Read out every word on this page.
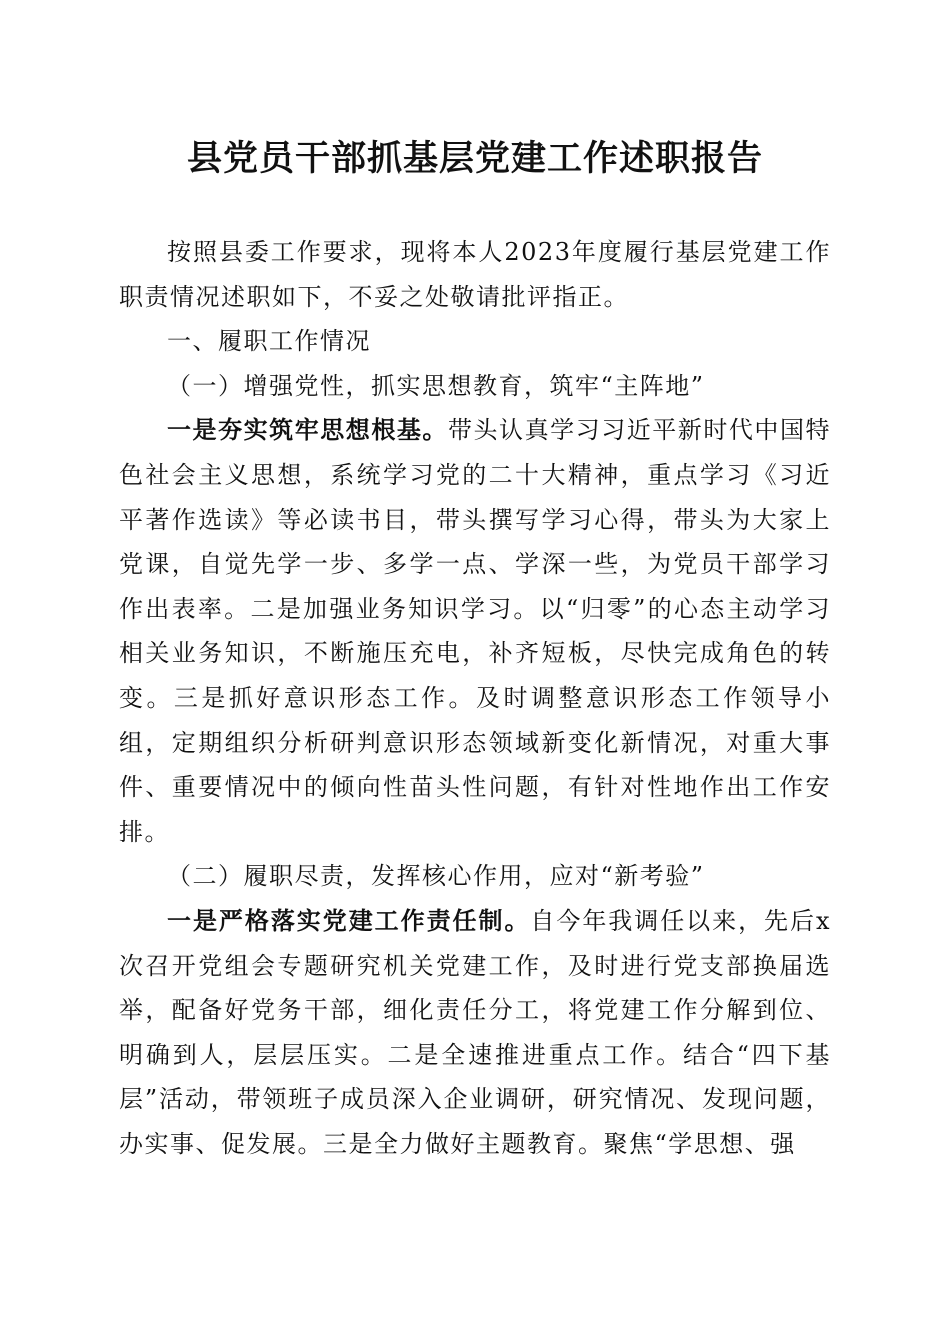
县党员干部抓基层党建工作述职报告

按照县委工作要求，现将本人2023年度履行基层党建工作职责情况述职如下，不妥之处敬请批评指正。

一、履职工作情况

（一）增强党性，抓实思想教育，筑牢“主阵地”

一是夯实筑牢思想根基。带头认真学习习近平新时代中国特色社会主义思想，系统学习党的二十大精神，重点学习《习近平著作选读》等必读书目，带头撰写学习心得，带头为大家上党课，自觉先学一步、多学一点、学深一些，为党员干部学习作出表率。二是加强业务知识学习。以“归零”的心态主动学习相关业务知识，不断施压充电，补齐短板，尽快完成角色的转变。三是抓好意识形态工作。及时调整意识形态工作领导小组，定期组织分析研判意识形态领域新变化新情况，对重大事件、重要情况中的倾向性苗头性问题，有针对性地作出工作安排。

（二）履职尽责，发挥核心作用，应对“新考验”

一是严格落实党建工作责任制。自今年我调任以来，先后x次召开党组会专题研究机关党建工作，及时进行党支部换届选举，配备好党务干部，细化责任分工，将党建工作分解到位、明确到人，层层压实。二是全速推进重点工作。结合“四下基层”活动，带领班子成员深入企业调研，研究情况、发现问题，办实事、促发展。三是全力做好主题教育。聚焦“学思想、强
